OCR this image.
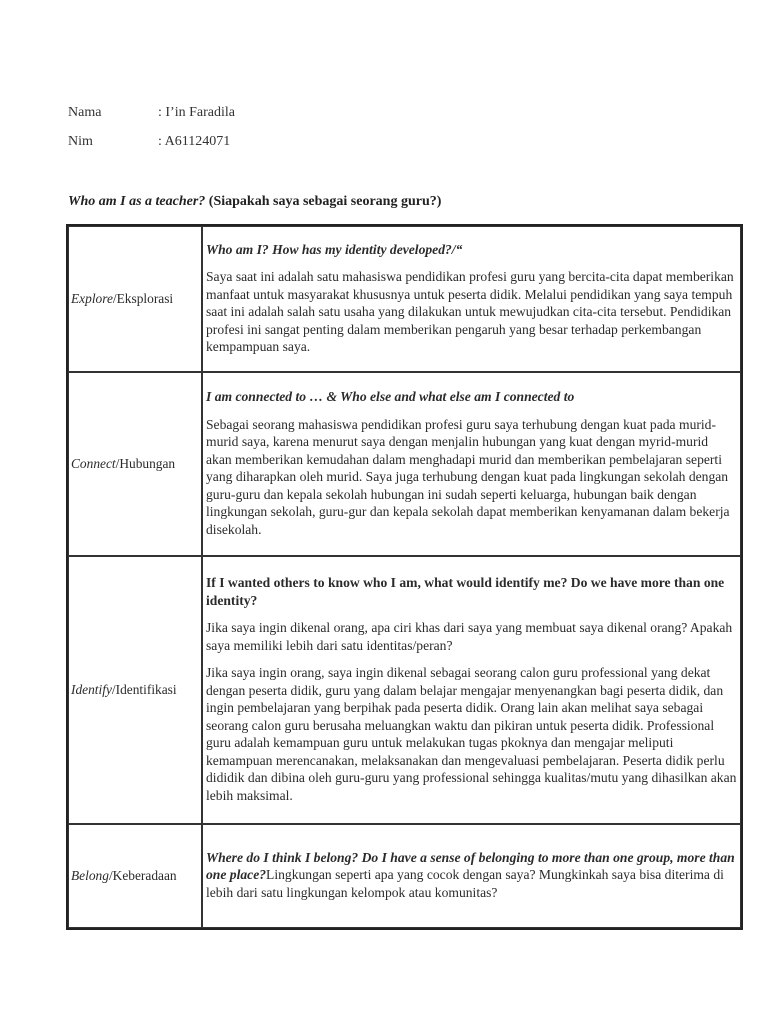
Nama	: I’in Faradila
Nim	: A61124071
Who am I as a teacher? (Siapakah saya sebagai seorang guru?)
Explore/Eksplorasi	Who am I? How has my identity developed?/“

Saya saat ini adalah satu mahasiswa pendidikan profesi guru yang bercita-cita dapat memberikan manfaat untuk masyarakat khususnya untuk peserta didik. Melalui pendidikan yang saya tempuh saat ini adalah salah satu usaha yang dilakukan untuk mewujudkan cita-cita tersebut. Pendidikan profesi ini sangat penting dalam memberikan pengaruh yang besar terhadap perkembangan kempampuan saya.

Connect/Hubungan	I am connected to … & Who else and what else am I connected to

Sebagai seorang mahasiswa pendidikan profesi guru saya terhubung dengan kuat pada murid-murid saya, karena menurut saya dengan menjalin hubungan yang kuat dengan myrid-murid akan memberikan kemudahan dalam menghadapi murid dan memberikan pembelajaran seperti yang diharapkan oleh murid. Saya juga terhubung dengan kuat pada lingkungan sekolah dengan guru-guru dan kepala sekolah hubungan ini sudah seperti keluarga, hubungan baik dengan lingkungan sekolah, guru-gur dan kepala sekolah dapat memberikan kenyamanan dalam bekerja disekolah.

Identify/Identifikasi	If I wanted others to know who I am, what would identify me? Do we have more than one identity?

Jika saya ingin dikenal orang, apa ciri khas dari saya yang membuat saya dikenal orang? Apakah saya memiliki lebih dari satu identitas/peran?

Jika saya ingin orang, saya ingin dikenal sebagai seorang calon guru professional yang dekat dengan peserta didik, guru yang dalam belajar mengajar menyenangkan bagi peserta didik, dan ingin pembelajaran yang berpihak pada peserta didik. Orang lain akan melihat saya sebagai seorang calon guru berusaha meluangkan waktu dan pikiran untuk peserta didik. Professional guru adalah kemampuan guru untuk melakukan tugas pkoknya dan mengajar meliputi kemampuan merencanakan, melaksanakan dan mengevaluasi pembelajaran. Peserta didik perlu dididik dan dibina oleh guru-guru yang professional sehingga kualitas/mutu yang dihasilkan akan lebih maksimal.

Belong/Keberadaan	Where do I think I belong? Do I have a sense of belonging to more than one group, more than one place?Lingkungan seperti apa yang cocok dengan saya? Mungkinkah saya bisa diterima di lebih dari satu lingkungan kelompok atau komunitas?
